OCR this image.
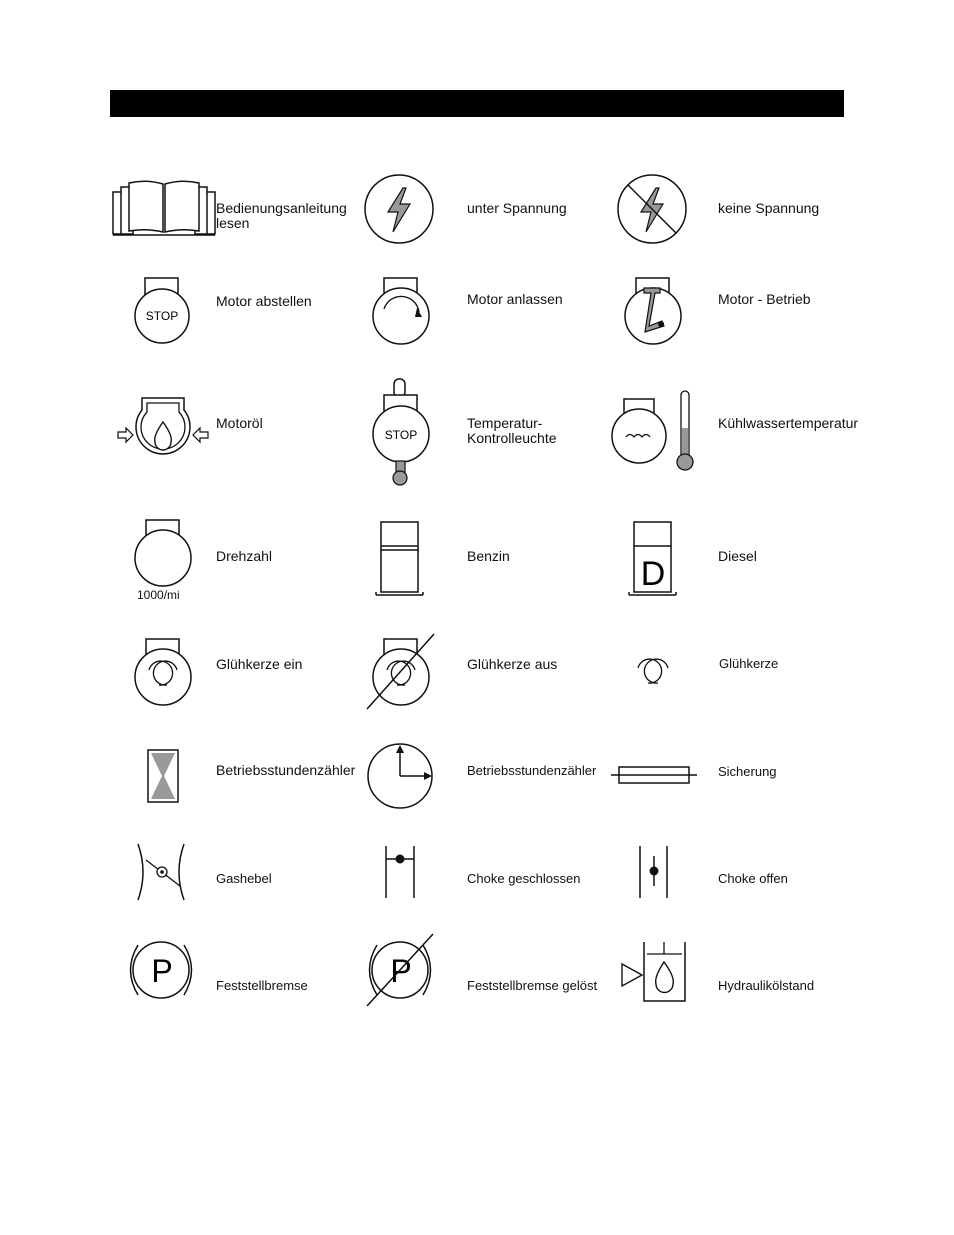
Bedienungsanleitung
lesen
unter Spannung	keine Spannung
STOP
Motor abstellen	Motor anlassen	Motor - Betrieb
Motoröl
STOP
Temperatur-
Kontrolleuchte
Kühlwassertemperatur
1000/mi
Drehzahl	Benzin	D	Diesel
Glühkerze ein	Glühkerze aus	Glühkerze
Betriebsstundenzähler	Betriebsstundenzähler	Sicherung
Gashebel	Choke geschlossen	Choke offen
P	Feststellbremse	P	Feststellbremse gelöst	Hydraulikölstand
